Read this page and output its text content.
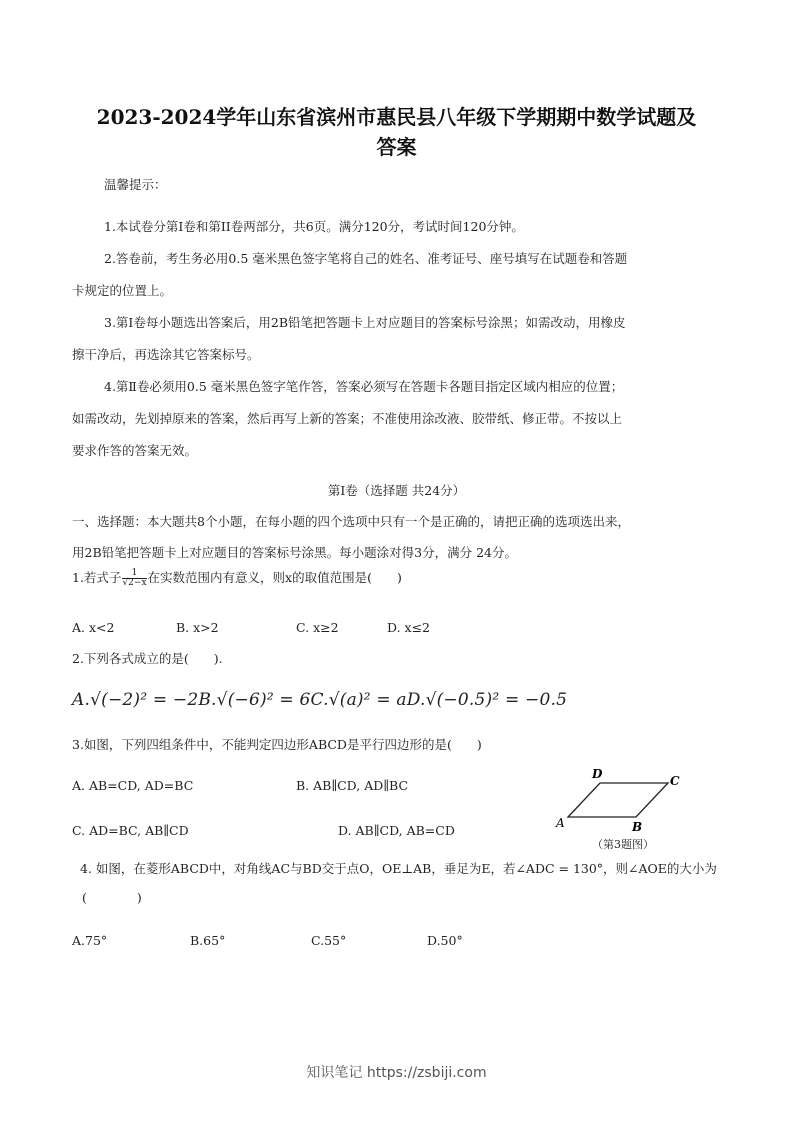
2023-2024学年山东省滨州市惠民县八年级下学期期中数学试题及
答案
温馨提示：
1.本试卷分第Ⅰ卷和第II卷两部分，共6页。满分120分，考试时间120分钟。
2.答卷前，考生务必用0.5 毫米黑色签字笔将自己的姓名、准考证号、座号填写在试题卷和答题
卡规定的位置上。
3.第Ⅰ卷每小题选出答案后，用2B铅笔把答题卡上对应题目的答案标号涂黑；如需改动，用橡皮
擦干净后，再选涂其它答案标号。
4.第Ⅱ卷必须用0.5 毫米黑色签字笔作答，答案必须写在答题卡各题目指定区域内相应的位置；
如需改动，先划掉原来的答案，然后再写上新的答案；不准使用涂改液、胶带纸、修正带。不按以上
要求作答的答案无效。
第Ⅰ卷（选择题 共24分）
一、选择题：本大题共8个小题，在每小题的四个选项中只有一个是正确的，请把正确的选项选出来，
用2B铅笔把答题卡上对应题目的答案标号涂黑。每小题涂对得3分，满分 24分。
1.若式子 $\frac{1}{√2-x}$ 在实数范围内有意义，则x的取值范围是(　　)
A. x<2	B. x>2	C. x≥2	D. x≤2
2.下列各式成立的是(　　).
A.√(−2)² = −2B.√(−6)² = 6C.√(a)² = aD.√(−0.5)² = −0.5
3.如图，下列四组条件中，不能判定四边形ABCD是平行四边形的是(　　)
A. AB=CD, AD=BC	B. AB∥CD, AD∥BC
C. AD=BC, AB∥CD	D. AB∥CD, AB=CD
D	C
A	B
（第3题图）
4. 如图，在菱形ABCD中，对角线AC与BD交于点O，OE⊥AB，垂足为E，若∠ADC = 130°，则∠AOE的大小为
(　　　　)
A.75°	B.65°	C.55°	D.50°
知识笔记 https://zsbiji.com
